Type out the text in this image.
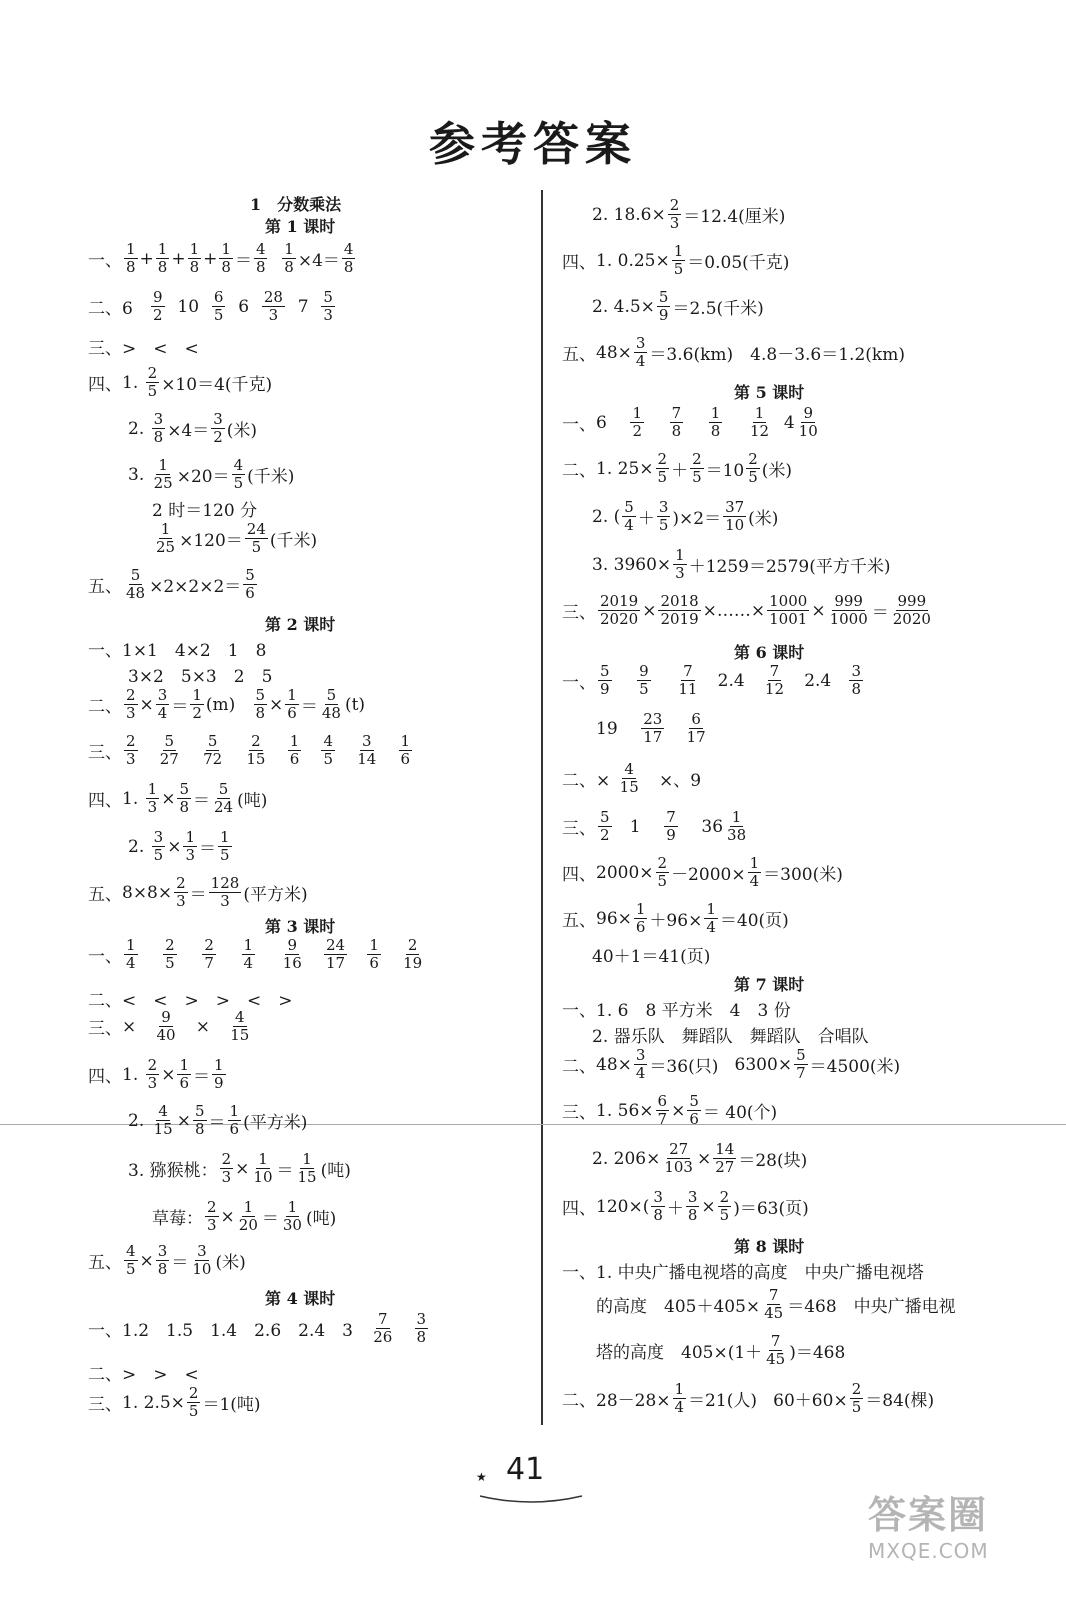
参考答案
1　分数乘法
第 1 课时
一、 $\frac{1}{8} + \frac{1}{8} + \frac{1}{8} + \frac{1}{8} = \frac{4}{8}$
$\frac{1}{8} \times 4= \frac{4}{8}$
二、6
$\frac{9}{2} 10 \frac{6}{5} 6 \frac{28}{3} 7 \frac{5}{3}$
三、>　<　<
四、 1.
$\frac{2}{5} \times 10=4$ (千克)
2.
$\frac{3}{8} \times 4= \frac{3}{2}$ (米)
3.
$\frac{1}{25} \times 20= \frac{4}{5}$ (千米)
2 时＝120 分
$\frac{1}{25} \times 120= \frac{24}{5}$ (千米)
五、 $\frac{5}{48} \times 2\times 2\times 2= \frac{5}{6}$
第 2 课时
一、1×1　4×2　1　8
3×2　5×3　2　5
二、 $\frac{2}{3} \times \frac{3}{4} = \frac{1}{2} (m)$
$\frac{5}{8} \times \frac{1}{6} = \frac{5}{48} (t)$
三、 $\frac{2}{3}$
$\frac{5}{27}$
$\frac{5}{72}$
$\frac{2}{15}$
$\frac{1}{6}$
$\frac{4}{5}$
$\frac{3}{14}$
$\frac{1}{6}$
四、 1.
$\frac{1}{3} \times \frac{5}{8} = \frac{5}{24}$ (吨)
2.
$\frac{3}{5} \times \frac{1}{3} = \frac{1}{5}$
五、 $8\times 8\times \frac{2}{3} = \frac{128}{3}$ (平方米)
第 3 课时
一、 $\frac{1}{4}$
$\frac{2}{5}$
$\frac{2}{7}$
$\frac{1}{4}$
$\frac{9}{16}$
$\frac{24}{17}$
$\frac{1}{6}$
$\frac{2}{19}$
二、<　<　>　>　<　>
三、 × $\frac{9}{40} \times \frac{4}{15}$
四、 1.
$\frac{2}{3} \times \frac{1}{6} = \frac{1}{9}$
2.
$\frac{4}{15} \times \frac{5}{8} = \frac{1}{6}$ (平方米)
3. 猕猴桃： $\frac{2}{3} \times \frac{1}{10} = \frac{1}{15}$ (吨)
草莓： $\frac{2}{3} \times \frac{1}{20} = \frac{1}{30}$ (吨)
五、 $\frac{4}{5} \times \frac{3}{8} = \frac{3}{10}$ (米)
第 4 课时
一、1.2　1.5　1.4　2.6　2.4　3
$\frac{7}{26}$
$\frac{3}{8}$
二、>　>　<
三、 1. $2.5\times \frac{2}{5} =1$ (吨)
2. $18.6\times \frac{2}{3} =12.4$ (厘米)
四、 1. $0.25\times \frac{1}{5} =0.05$ (千克)
2. $4.5\times \frac{5}{9} =2.5$ (千米)
五、 $48\times \frac{3}{4} =3.6$ (km)　4.8－3.6＝1.2(km)
第 5 课时
一、 $6 \frac{1}{2}$
$\frac{7}{8}$
$\frac{1}{8}$
$\frac{1}{12} 4 \frac{9}{10}$
二、 1. $25\times \frac{2}{5} + \frac{2}{5} =10 \frac{2}{5}$ (米)
2. ( $\frac{5}{4} + \frac{3}{5} )\times 2= \frac{37}{10}$ (米)
3. $3960\times \frac{1}{3} +1259=2579$ (平方千米)
三、 $\frac{2019}{2020} \times \frac{2018}{2019}$ ×……× $\frac{1000}{1001} \times \frac{999}{1000} = \frac{999}{2020}$
第 6 课时
一、 $\frac{5}{9}$
$\frac{9}{5}$
$\frac{7}{11} 2.4 \frac{7}{12} 2.4 \frac{3}{8}$
19
$\frac{23}{17}$
$\frac{6}{17}$
二、×
$\frac{4}{15}$
×、9
三、 $\frac{5}{2}$
1
$\frac{7}{9}$
$36 \frac{1}{38}$
四、 $2000\times \frac{2}{5} -2000\times \frac{1}{4} =300$ (米)
五、 $96\times \frac{1}{6} +96\times \frac{1}{4} =40$ (页)
40＋1＝41(页)
第 7 课时
一、1. 6　8 平方米　4　3 份
2. 器乐队　舞蹈队　舞蹈队　合唱队
二、 $48\times \frac{3}{4} =36$ (只) $6300\times \frac{5}{7} =4500$ (米)
三、 1. $56\times \frac{6}{7} \times \frac{5}{6} = 40$ (个)
2. $206\times \frac{27}{103} \times \frac{14}{27} =28$ (块)
四、 $120\times( \frac{3}{8} + \frac{3}{8} \times \frac{2}{5} )=63$ (页)
第 8 课时
一、1. 中央广播电视塔的高度　中央广播电视塔
的高度　$405+405\times \frac{7}{45} =468$　中央广播电视
塔的高度　$405\times(1+ \frac{7}{45} )=468$
二、 $28-28\times \frac{1}{4} =21$ (人) $60+60\times \frac{2}{5} =84$ (棵)
★ 41
答案圈
MXQE.COM
